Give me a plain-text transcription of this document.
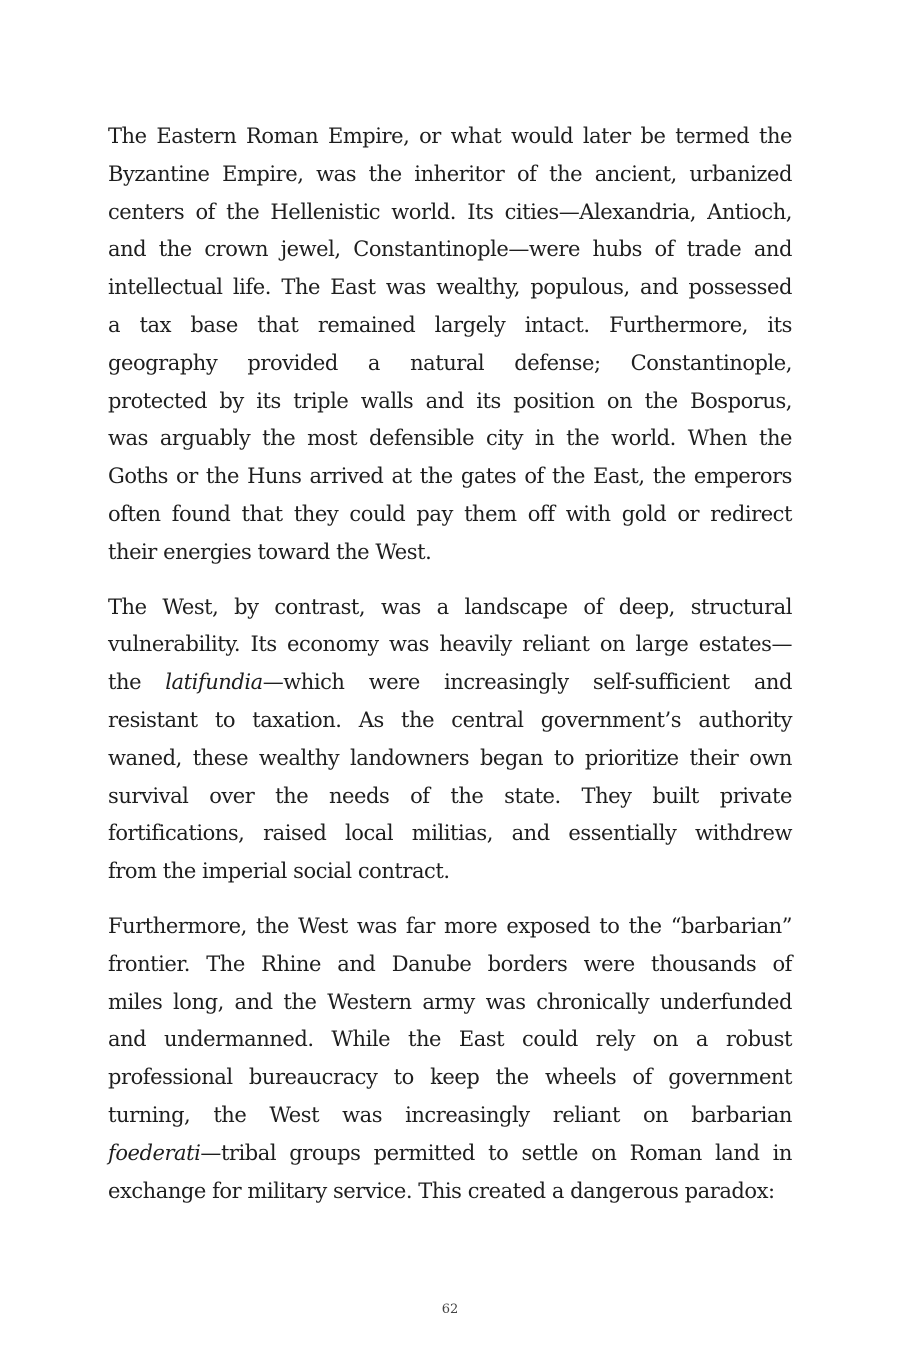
The Eastern Roman Empire, or what would later be termed the
Byzantine Empire, was the inheritor of the ancient, urbanized
centers of the Hellenistic world. Its cities—Alexandria, Antioch,
and the crown jewel, Constantinople—were hubs of trade and
intellectual life. The East was wealthy, populous, and possessed
a tax base that remained largely intact. Furthermore, its
geography provided a natural defense; Constantinople,
protected by its triple walls and its position on the Bosporus,
was arguably the most defensible city in the world. When the
Goths or the Huns arrived at the gates of the East, the emperors
often found that they could pay them off with gold or redirect
their energies toward the West.

The West, by contrast, was a landscape of deep, structural
vulnerability. Its economy was heavily reliant on large estates—
the latifundia—which were increasingly self-sufficient and
resistant to taxation. As the central government’s authority
waned, these wealthy landowners began to prioritize their own
survival over the needs of the state. They built private
fortifications, raised local militias, and essentially withdrew
from the imperial social contract.

Furthermore, the West was far more exposed to the “barbarian”
frontier. The Rhine and Danube borders were thousands of
miles long, and the Western army was chronically underfunded
and undermanned. While the East could rely on a robust
professional bureaucracy to keep the wheels of government
turning, the West was increasingly reliant on barbarian
foederati—tribal groups permitted to settle on Roman land in
exchange for military service. This created a dangerous paradox:

62
